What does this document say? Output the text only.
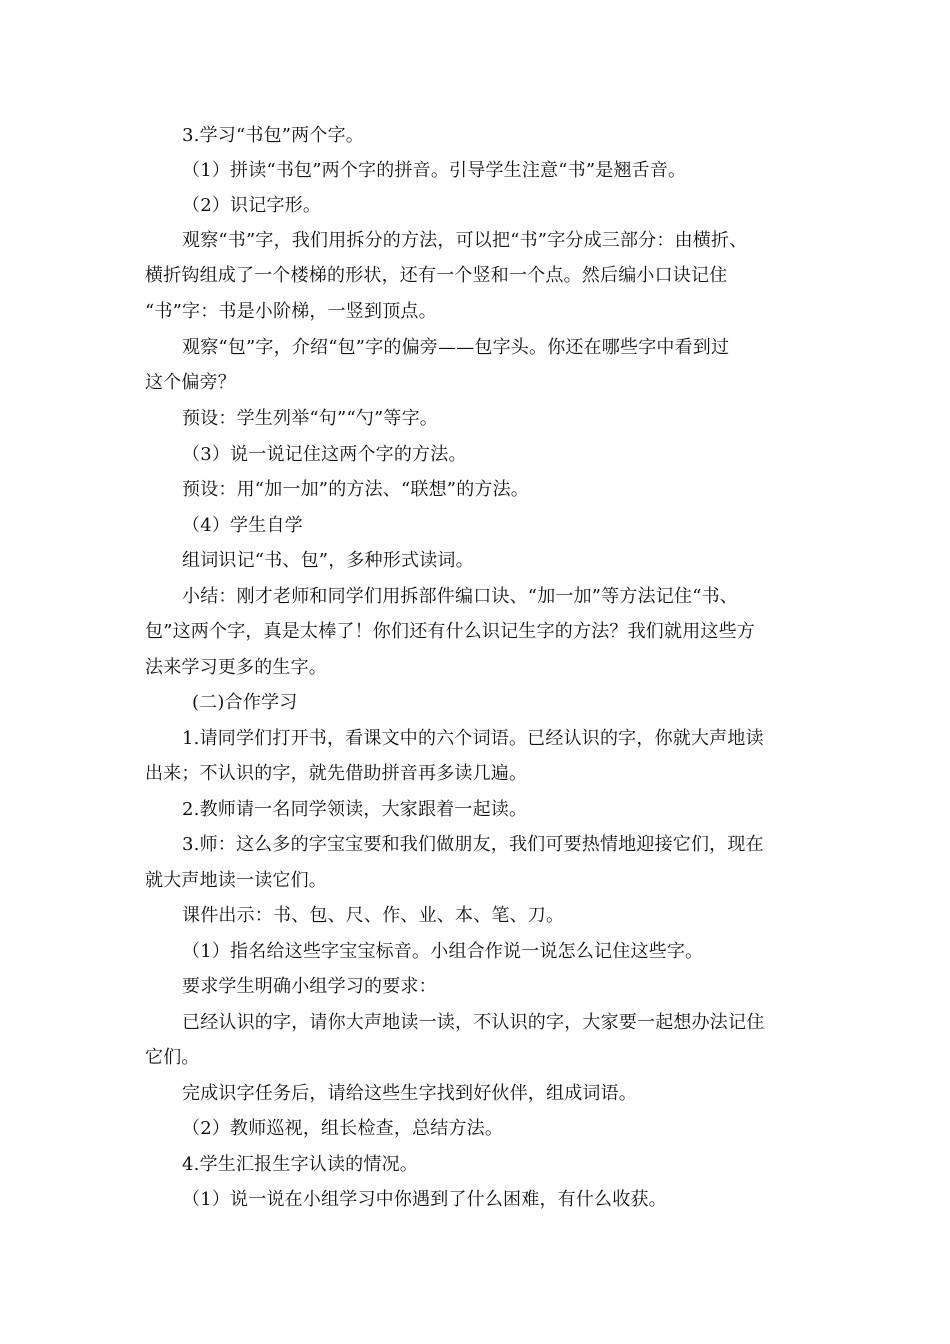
3.学习“书包”两个字。
（1）拼读“书包”两个字的拼音。引导学生注意“书”是翘舌音。
（2）识记字形。
观察“书”字，我们用拆分的方法，可以把“书”字分成三部分：由横折、
横折钩组成了一个楼梯的形状，还有一个竖和一个点。然后编小口诀记住
“书”字：书是小阶梯，一竖到顶点。
观察“包”字，介绍“包”字的偏旁——包字头。你还在哪些字中看到过
这个偏旁？
预设：学生列举“句”“勺”等字。
（3）说一说记住这两个字的方法。
预设：用“加一加”的方法、“联想”的方法。
（4）学生自学
组词识记“书、包”，多种形式读词。
小结：刚才老师和同学们用拆部件编口诀、“加一加”等方法记住“书、
包”这两个字，真是太棒了！你们还有什么识记生字的方法？我们就用这些方
法来学习更多的生字。
(二)合作学习
1.请同学们打开书，看课文中的六个词语。已经认识的字，你就大声地读
出来；不认识的字，就先借助拼音再多读几遍。
2.教师请一名同学领读，大家跟着一起读。
3.师：这么多的字宝宝要和我们做朋友，我们可要热情地迎接它们，现在
就大声地读一读它们。
课件出示：书、包、尺、作、业、本、笔、刀。
（1）指名给这些字宝宝标音。小组合作说一说怎么记住这些字。
要求学生明确小组学习的要求：
已经认识的字，请你大声地读一读，不认识的字，大家要一起想办法记住
它们。
完成识字任务后，请给这些生字找到好伙伴，组成词语。
（2）教师巡视，组长检查，总结方法。
4.学生汇报生字认读的情况。
（1）说一说在小组学习中你遇到了什么困难，有什么收获。
